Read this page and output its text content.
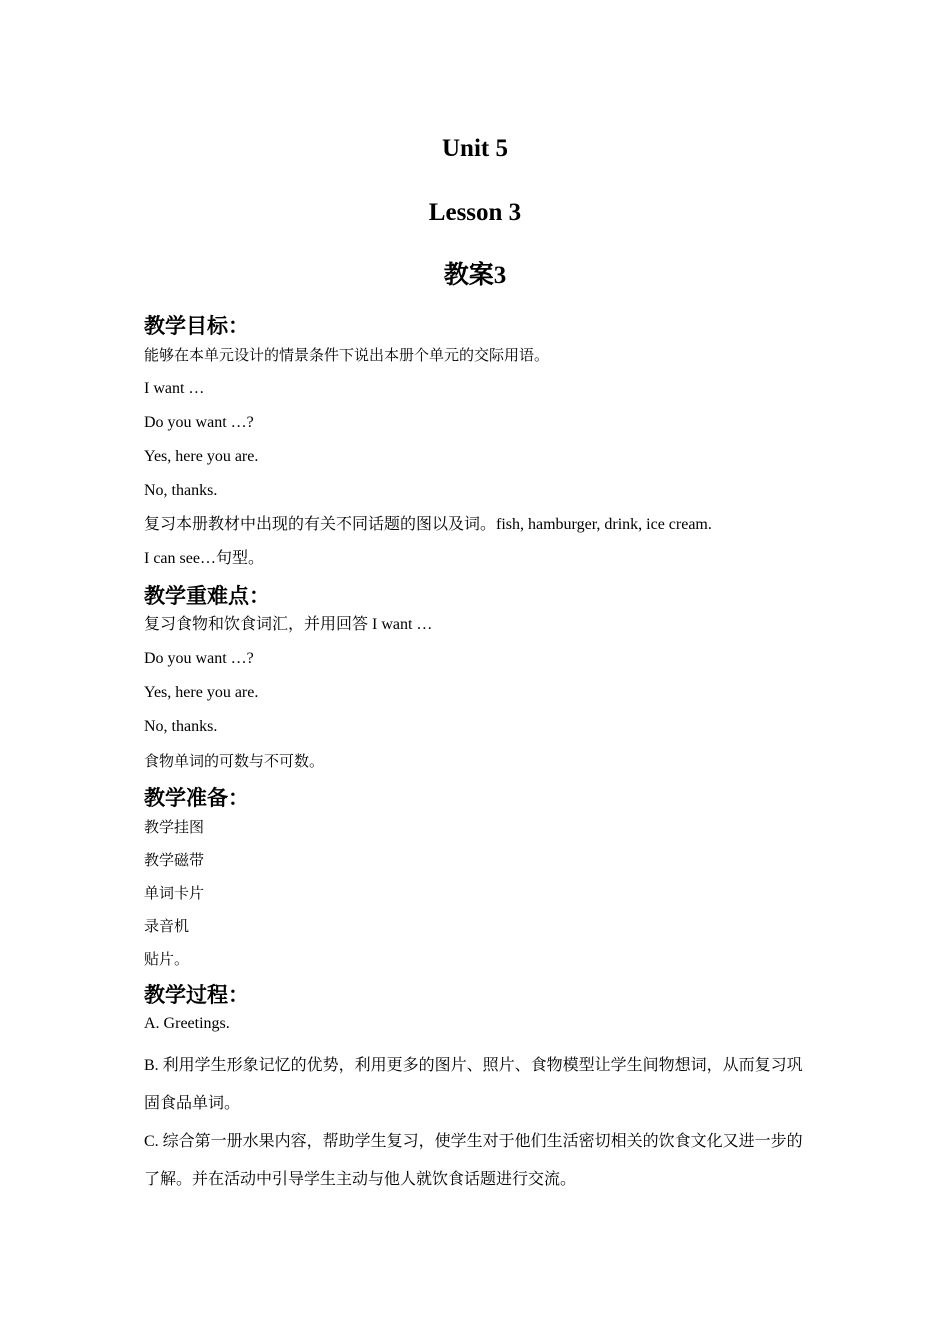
Unit 5
Lesson 3
教案3
教学目标：
能够在本单元设计的情景条件下说出本册个单元的交际用语。
I want …
Do you want …?
Yes, here you are.
No, thanks.
复习本册教材中出现的有关不同话题的图以及词。fish, hamburger, drink, ice cream.
I can see…句型。
教学重难点：
复习食物和饮食词汇，并用回答 I want …
Do you want …?
Yes, here you are.
No, thanks.
食物单词的可数与不可数。
教学准备：
教学挂图
教学磁带
单词卡片
录音机
贴片。
教学过程：
A. Greetings.
B. 利用学生形象记忆的优势，利用更多的图片、照片、食物模型让学生间物想词，从而复习巩固食品单词。
C. 综合第一册水果内容，帮助学生复习，使学生对于他们生活密切相关的饮食文化又进一步的了解。并在活动中引导学生主动与他人就饮食话题进行交流。
